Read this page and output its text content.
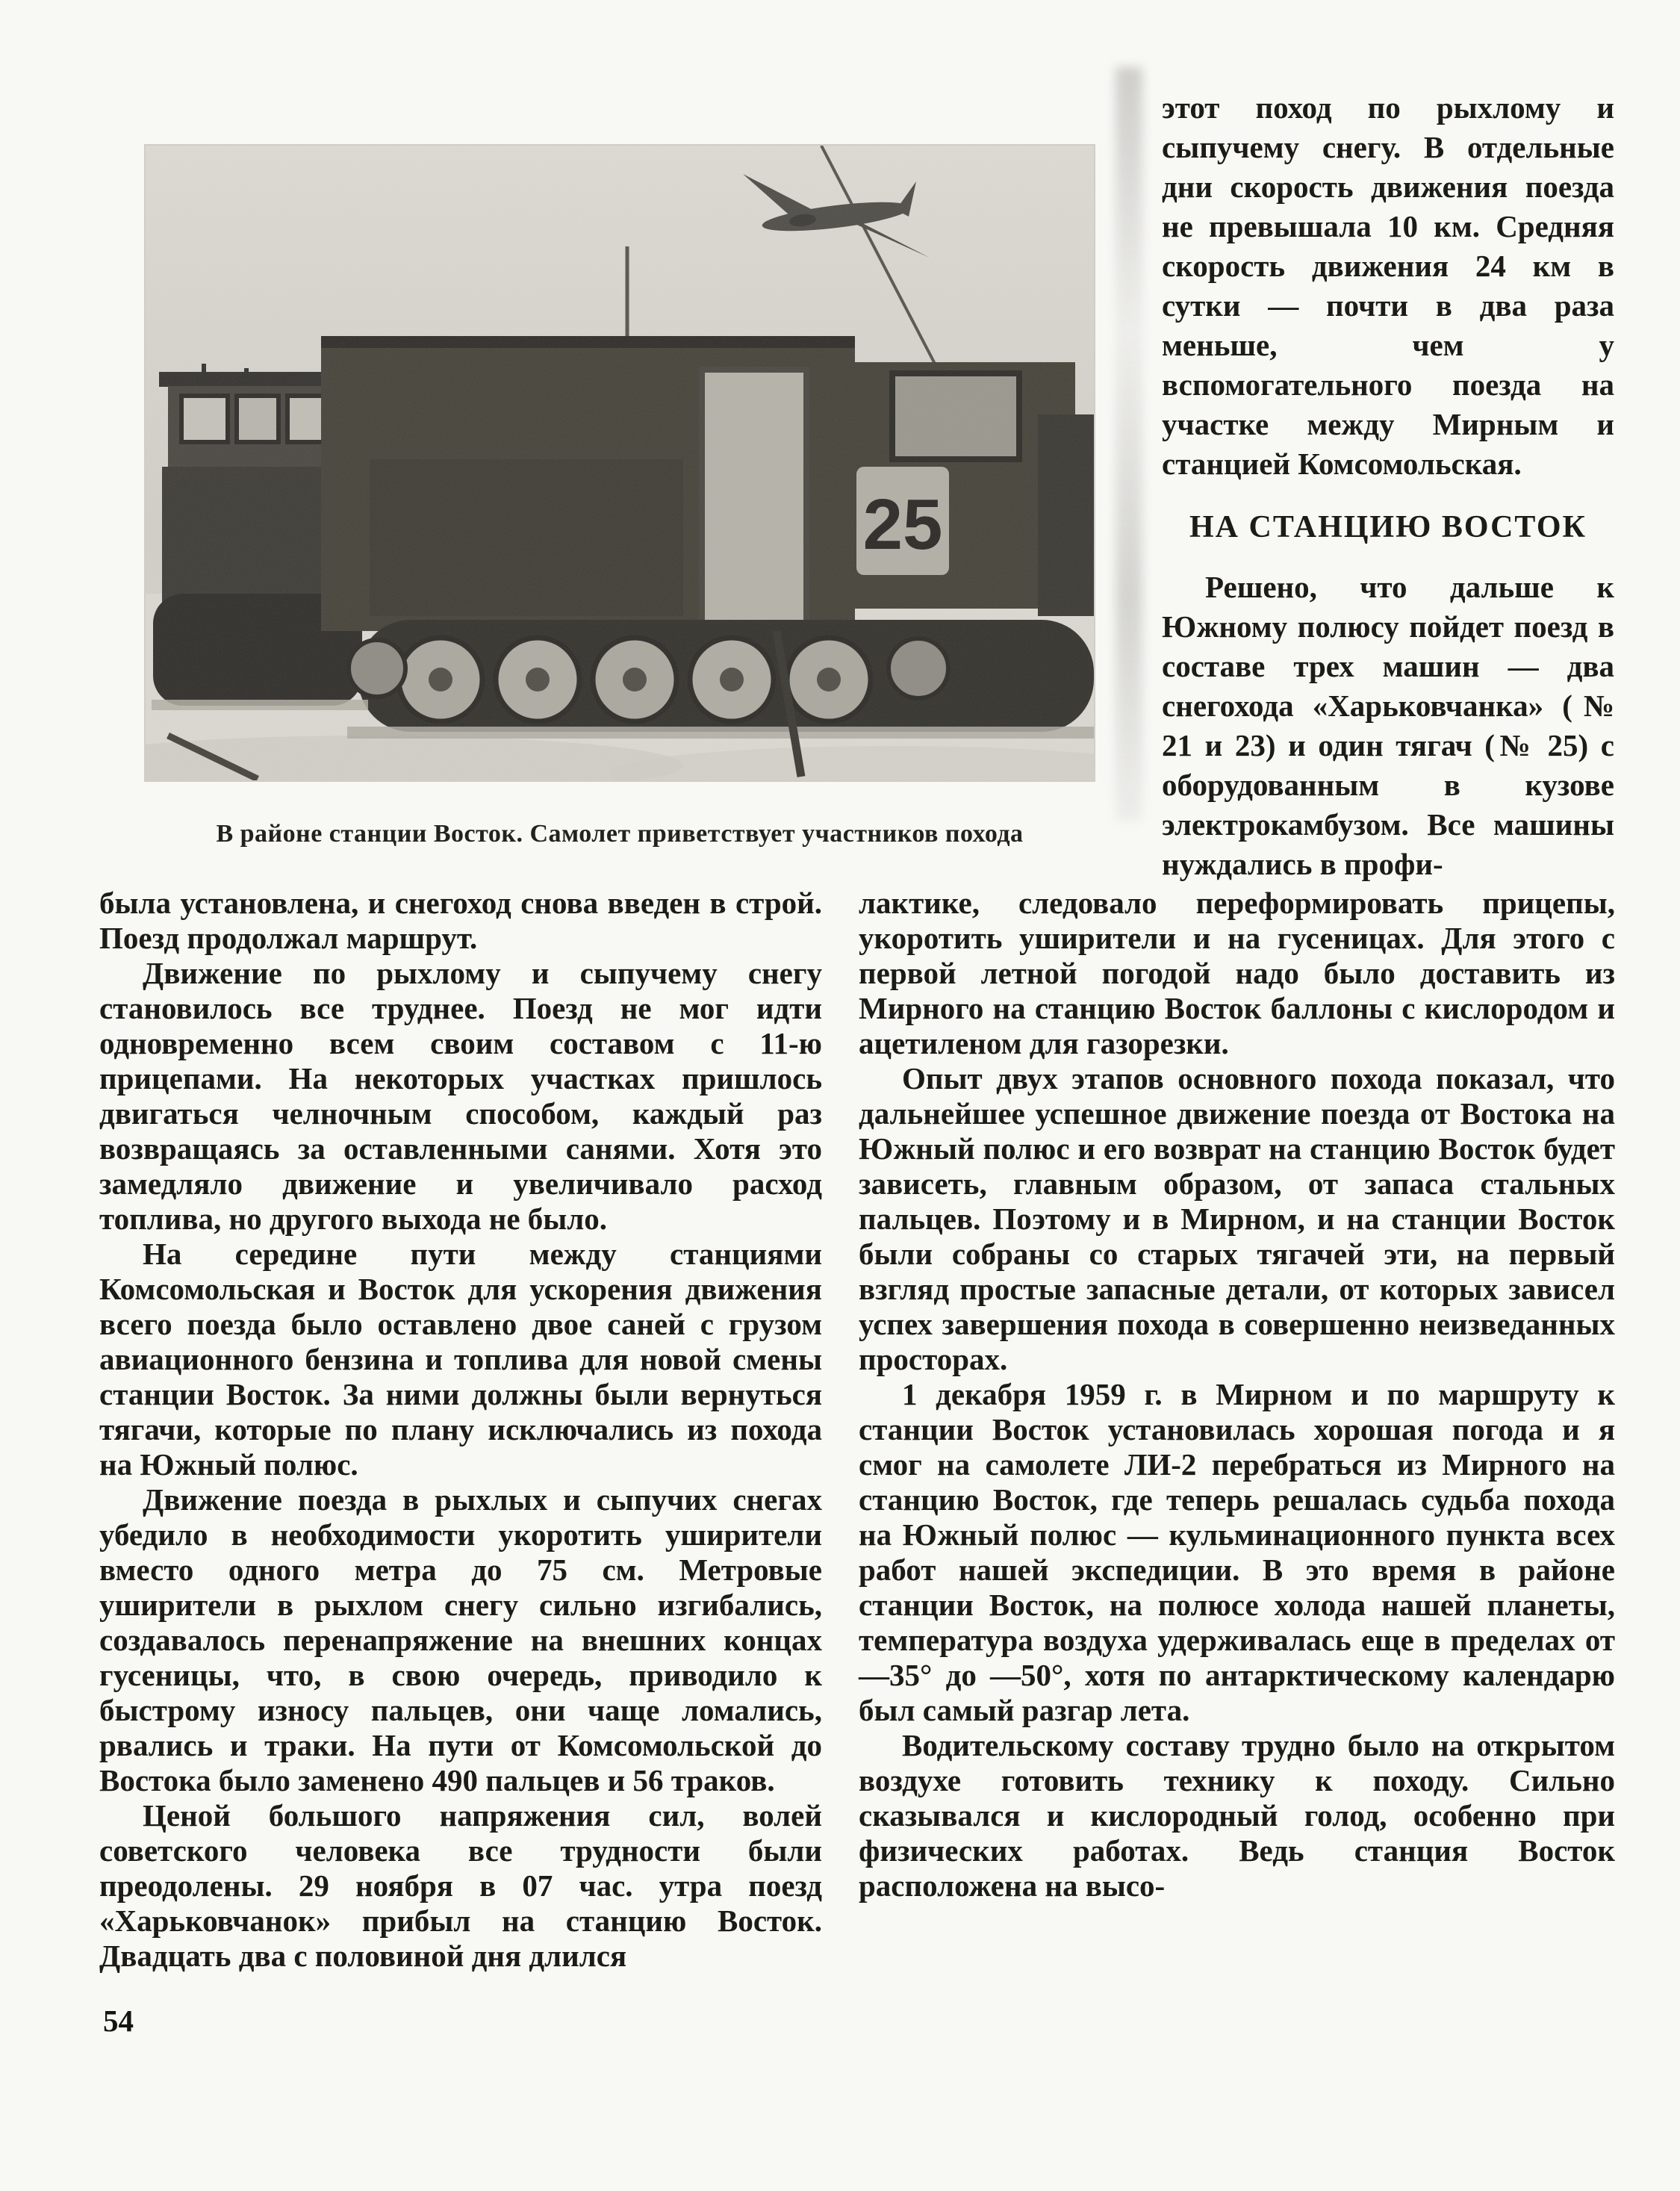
В районе станции Восток. Самолет приветствует участников похода

этот поход по рыхлому и сыпучему снегу. В отдельные дни скорость движения поезда не превышала 10 км. Средняя скорость движения 24 км в сутки — почти в два раза меньше, чем у вспомогательного поезда на участке между Мирным и станцией Комсомольская.

НА СТАНЦИЮ ВОСТОК

Решено, что дальше к Южному полюсу пойдет поезд в составе трех машин — два снегохода «Харьковчанка» (№ 21 и 23) и один тягач (№ 25) с оборудованным в кузове электрокамбузом. Все машины нуждались в профи-

была установлена, и снегоход снова введен в строй. Поезд продолжал маршрут.

Движение по рыхлому и сыпучему снегу становилось все труднее. Поезд не мог идти одновременно всем своим составом с 11-ю прицепами. На некоторых участках пришлось двигаться челночным способом, каждый раз возвращаясь за оставленными санями. Хотя это замедляло движение и увеличивало расход топлива, но другого выхода не было.

На середине пути между станциями Комсомольская и Восток для ускорения движения всего поезда было оставлено двое саней с грузом авиационного бензина и топлива для новой смены станции Восток. За ними должны были вернуться тягачи, которые по плану исключались из похода на Южный полюс.

Движение поезда в рыхлых и сыпучих снегах убедило в необходимости укоротить уширители вместо одного метра до 75 см. Метровые уширители в рыхлом снегу сильно изгибались, создавалось перенапряжение на внешних концах гусеницы, что, в свою очередь, приводило к быстрому износу пальцев, они чаще ломались, рвались и траки. На пути от Комсомольской до Востока было заменено 490 пальцев и 56 траков.

Ценой большого напряжения сил, волей советского человека все трудности были преодолены. 29 ноября в 07 час. утра поезд «Харьковчанок» прибыл на станцию Восток. Двадцать два с половиной дня длился

лактике, следовало переформировать прицепы, укоротить уширители и на гусеницах. Для этого с первой летной погодой надо было доставить из Мирного на станцию Восток баллоны с кислородом и ацетиленом для газорезки.

Опыт двух этапов основного похода показал, что дальнейшее успешное движение поезда от Востока на Южный полюс и его возврат на станцию Восток будет зависеть, главным образом, от запаса стальных пальцев. Поэтому и в Мирном, и на станции Восток были собраны со старых тягачей эти, на первый взгляд простые запасные детали, от которых зависел успех завершения похода в совершенно неизведанных просторах.

1 декабря 1959 г. в Мирном и по маршруту к станции Восток установилась хорошая погода и я смог на самолете ЛИ-2 перебраться из Мирного на станцию Восток, где теперь решалась судьба похода на Южный полюс — кульминационного пункта всех работ нашей экспедиции. В это время в районе станции Восток, на полюсе холода нашей планеты, температура воздуха удерживалась еще в пределах от —35° до —50°, хотя по антарктическому календарю был самый разгар лета.

Водительскому составу трудно было на открытом воздухе готовить технику к походу. Сильно сказывался и кислородный голод, особенно при физических работах. Ведь станция Восток расположена на высо-

54
